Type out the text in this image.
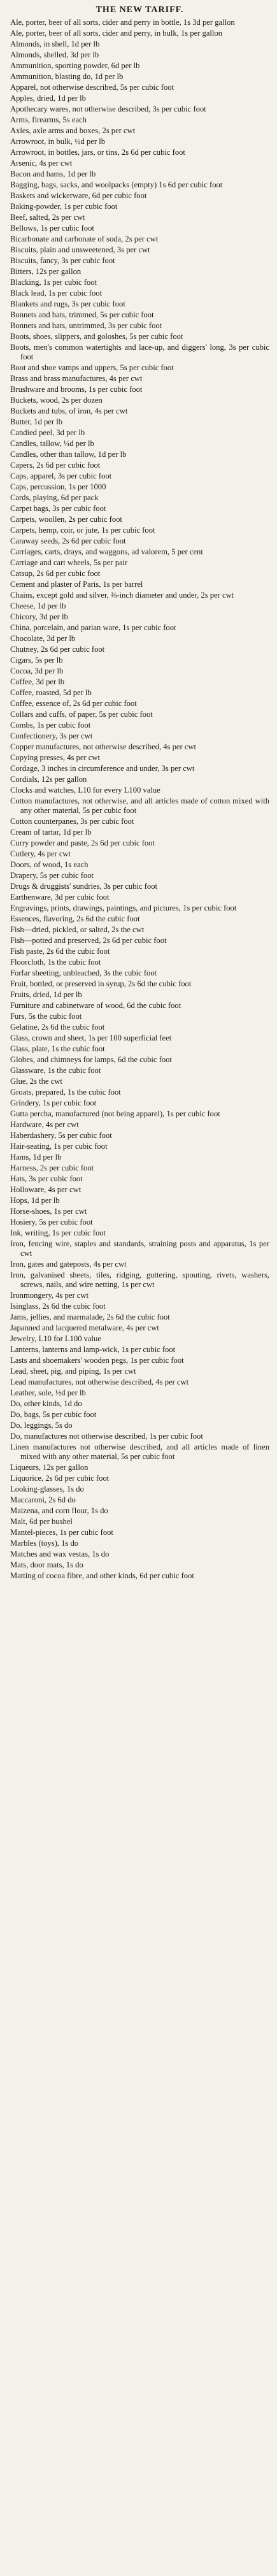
THE NEW TARIFF.
Ale, porter, beer of all sorts, cider and perry in bottle, 1s 3d per gallon
Ale, porter, beer of all sorts, cider and perry, in bulk, 1s per gallon
Almonds, in shell, 1d per lb
Almonds, shelled, 3d per lb
Ammunition, sporting powder, 6d per lb
Ammunition, blasting do, 1d per lb
Apparel, not otherwise described, 5s per cubic foot
Apples, dried, 1d per lb
Apothecary wares, not otherwise described, 3s per cubic foot
Arms, firearms, 5s each
Axles, axle arms and boxes, 2s per cwt
Arrowroot, in bulk, ½d per lb
Arrowroot, in bottles, jars, or tins, 2s 6d per cubic foot
Arsenic, 4s per cwt
Bacon and hams, 1d per lb
Bagging, bags, sacks, and woolpacks (empty) 1s 6d per cubic foot
Baskets and wickerware, 6d per cubic foot
Baking-powder, 1s per cubic foot
Beef, salted, 2s per cwt
Bellows, 1s per cubic foot
Bicarbonate and carbonate of soda, 2s per cwt
Biscuits, plain and unsweetened, 3s per cwt
Biscuits, fancy, 3s per cubic foot
Bitters, 12s per gallon
Blacking, 1s per cubic foot
Black lead, 1s per cubic foot
Blankets and rugs, 3s per cubic foot
Bonnets and hats, trimmed, 5s per cubic foot
Bonnets and hats, untrimmed, 3s per cubic foot
Boots, shoes, slippers, and goloshes, 5s per cubic foot
Boots, men's common watertights and lace-up, and diggers' long, 3s per cubic foot
Boot and shoe vamps and uppers, 5s per cubic foot
Brass and brass manufactures, 4s per cwt
Brushware and brooms, 1s per cubic foot
Buckets, wood, 2s per dozen
Buckets and tubs, of iron, 4s per cwt
Butter, 1d per lb
Candied peel, 3d per lb
Candles, tallow, ¼d per lb
Candles, other than tallow, 1d per lb
Capers, 2s 6d per cubic foot
Caps, apparel, 3s per cubic foot
Caps, percussion, 1s per 1000
Cards, playing, 6d per pack
Carpet bags, 3s per cubic foot
Carpets, woollen, 2s per cubic foot
Carpets, hemp, coir, or jute, 1s per cubic foot
Caraway seeds, 2s 6d per cubic foot
Carriages, carts, drays, and waggons, ad valorem, 5 per cent
Carriage and cart wheels, 5s per pair
Catsup, 2s 6d per cubic foot
Cement and plaster of Paris, 1s per barrel
Chains, except gold and silver, ⅜-inch diameter and under, 2s per cwt
Cheese, 1d per lb
Chicory, 3d per lb
China, porcelain, and parian ware, 1s per cubic foot
Chocolate, 3d per lb
Chutney, 2s 6d per cubic foot
Cigars, 5s per lb
Cocoa, 3d per lb
Coffee, 3d per lb
Coffee, roasted, 5d per lb
Coffee, essence of, 2s 6d per cubic foot
Collars and cuffs, of paper, 5s per cubic foot
Combs, 1s per cubic foot
Confectionery, 3s per cwt
Copper manufactures, not otherwise described, 4s per cwt
Copying presses, 4s per cwt
Cordage, 3 inches in circumference and under, 3s per cwt
Cordials, 12s per gallon
Clocks and watches, L10 for every L100 value
Cotton manufactures, not otherwise, and all articles made of cotton mixed with any other material, 5s per cubic foot
Cotton counterpanes, 3s per cubic foot
Cream of tartar, 1d per lb
Curry powder and paste, 2s 6d per cubic foot
Cutlery, 4s per cwt
Doors, of wood, 1s each
Drapery, 5s per cubic foot
Drugs & druggists' sundries, 3s per cubic foot
Earthenware, 3d per cubic foot
Engravings, prints, drawings, paintings, and pictures, 1s per cubic foot
Essences, flavoring, 2s 6d the cubic foot
Fish—dried, pickled, or salted, 2s the cwt
Fish—potted and preserved, 2s 6d per cubic foot
Fish paste, 2s 6d the cubic foot
Floorcloth, 1s the cubic foot
Forfar sheeting, unbleached, 3s the cubic foot
Fruit, bottled, or preserved in syrup, 2s 6d the cubic foot
Fruits, dried, 1d per lb
Furniture and cabinetware of wood, 6d the cubic foot
Furs, 5s the cubic foot
Gelatine, 2s 6d the cubic foot
Glass, crown and sheet, 1s per 100 superficial feet
Glass, plate, 1s the cubic foot
Globes, and chimneys for lamps, 6d the cubic foot
Glassware, 1s the cubic foot
Glue, 2s the cwt
Groats, prepared, 1s the cubic foot
Grindery, 1s per cubic foot
Gutta percha, manufactured (not being apparel), 1s per cubic foot
Hardware, 4s per cwt
Haberdashery, 5s per cubic foot
Hair-seating, 1s per cubic foot
Hams, 1d per lb
Harness, 2s per cubic foot
Hats, 3s per cubic foot
Holloware, 4s per cwt
Hops, 1d per lb
Horse-shoes, 1s per cwt
Hosiery, 5s per cubic foot
Ink, writing, 1s per cubic foot
Iron, fencing wire, staples and standards, straining posts and apparatus, 1s per cwt
Iron, gates and gateposts, 4s per cwt
Iron, galvanised sheets, tiles, ridging, guttering, spouting, rivets, washers, screws, nails, and wire netting, 1s per cwt
Ironmongery, 4s per cwt
Isinglass, 2s 6d the cubic foot
Jams, jellies, and marmalade, 2s 6d the cubic foot
Japanned and lacquered metalware, 4s per cwt
Jewelry, L10 for L100 value
Lanterns, lanterns and lamp-wick, 1s per cubic foot
Lasts and shoemakers' wooden pegs, 1s per cubic foot
Lead, sheet, pig, and piping, 1s per cwt
Lead manufactures, not otherwise described, 4s per cwt
Leather, sole, ½d per lb
Do, other kinds, 1d do
Do, bags, 5s per cubic foot
Do, leggings, 5s do
Do, manufactures not otherwise described, 1s per cubic foot
Linen manufactures not otherwise described, and all articles made of linen mixed with any other material, 5s per cubic foot
Liqueurs, 12s per gallon
Liquorice, 2s 6d per cubic foot
Looking-glasses, 1s do
Maccaroni, 2s 6d do
Maizena, and corn flour, 1s do
Malt, 6d per bushel
Mantel-pieces, 1s per cubic foot
Marbles (toys), 1s do
Matches and wax vestas, 1s do
Mats, door mats, 1s do
Matting of cocoa fibre, and other kinds, 6d per cubic foot
